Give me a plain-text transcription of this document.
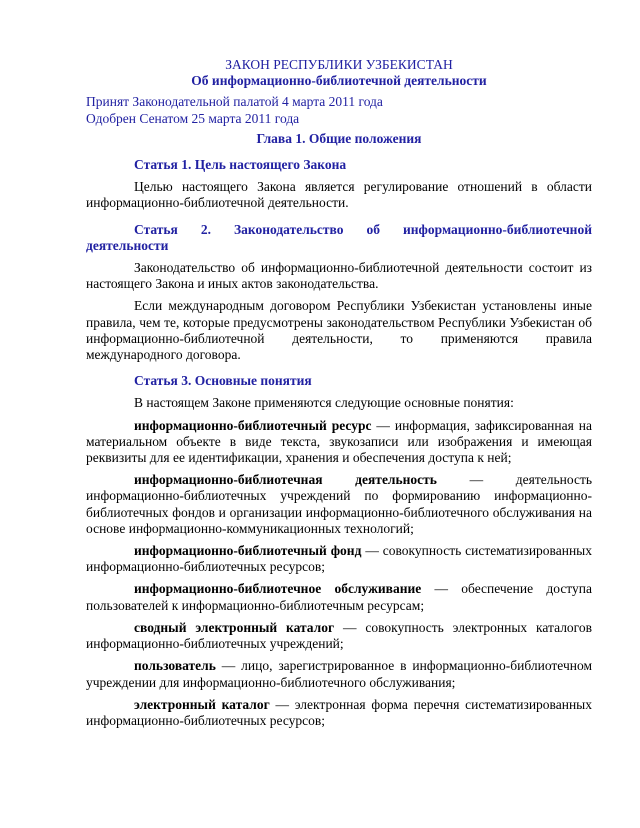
ЗАКОН РЕСПУБЛИКИ УЗБЕКИСТАН
Об информационно-библиотечной деятельности
Принят Законодательной палатой 4 марта 2011 года
Одобрен Сенатом 25 марта 2011 года
Глава 1. Общие положения

Статья 1. Цель настоящего Закона

Целью настоящего Закона является регулирование отношений в области информационно-библиотечной деятельности.

Статья 2. Законодательство об информационно-библиотечной деятельности

Законодательство об информационно-библиотечной деятельности состоит из настоящего Закона и иных актов законодательства.

Если международным договором Республики Узбекистан установлены иные правила, чем те, которые предусмотрены законодательством Республики Узбекистан об информационно-библиотечной деятельности, то применяются правила международного договора.

Статья 3. Основные понятия

В настоящем Законе применяются следующие основные понятия:

информационно-библиотечный ресурс — информация, зафиксированная на материальном объекте в виде текста, звукозаписи или изображения и имеющая реквизиты для ее идентификации, хранения и обеспечения доступа к ней;

информационно-библиотечная деятельность — деятельность информационно-библиотечных учреждений по формированию информационно-библиотечных фондов и организации информационно-библиотечного обслуживания на основе информационно-коммуникационных технологий;

информационно-библиотечный фонд — совокупность систематизированных информационно-библиотечных ресурсов;

информационно-библиотечное обслуживание — обеспечение доступа пользователей к информационно-библиотечным ресурсам;

сводный электронный каталог — совокупность электронных каталогов информационно-библиотечных учреждений;

пользователь — лицо, зарегистрированное в информационно-библиотечном учреждении для информационно-библиотечного обслуживания;

электронный каталог — электронная форма перечня систематизированных информационно-библиотечных ресурсов;
